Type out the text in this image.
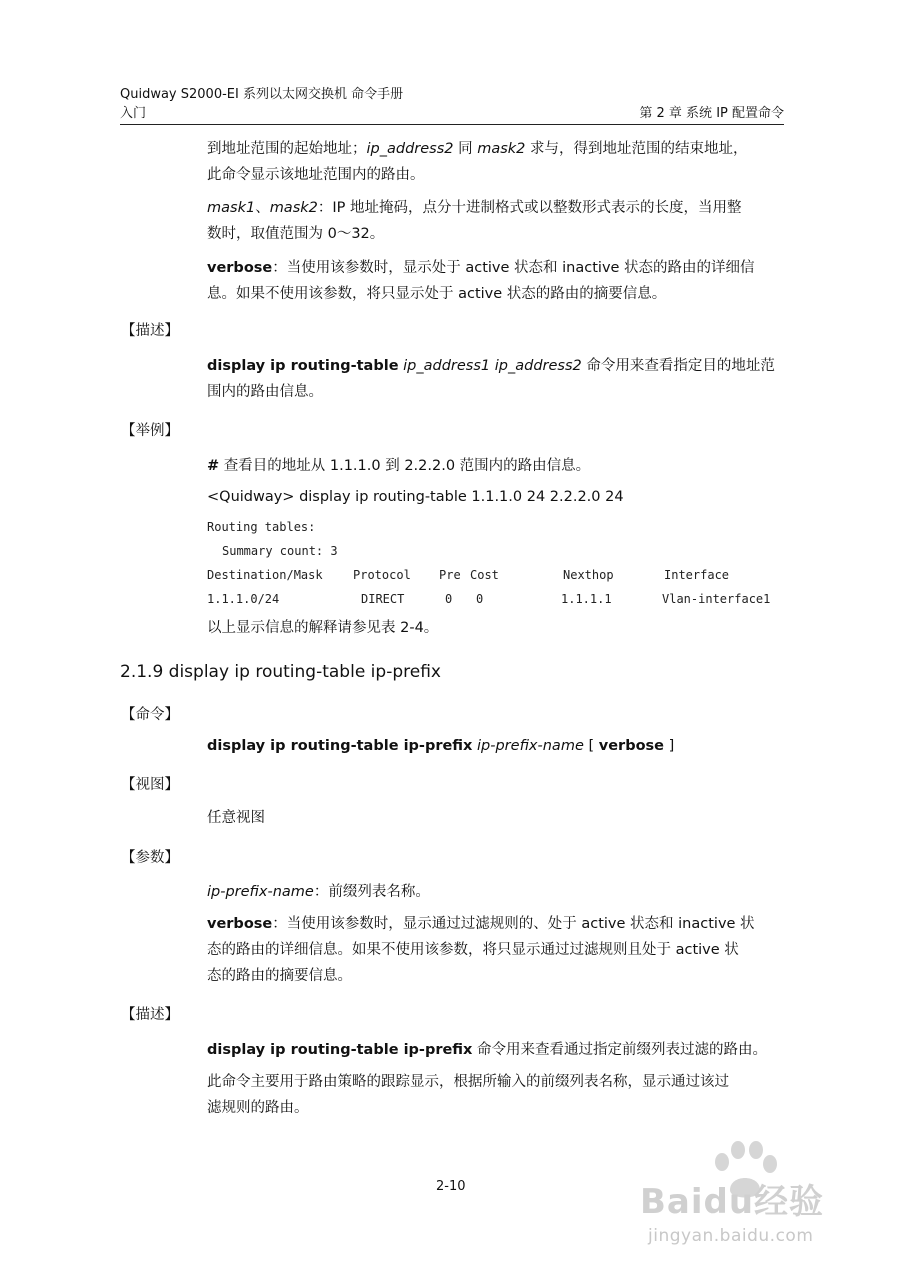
Quidway S2000-EI 系列以太网交换机 命令手册
入门	第 2 章 系统 IP 配置命令
到地址范围的起始地址；ip_address2 同 mask2 求与，得到地址范围的结束地址，
此命令显示该地址范围内的路由。
mask1、mask2：IP 地址掩码，点分十进制格式或以整数形式表示的长度，当用整
数时，取值范围为 0～32。
verbose：当使用该参数时，显示处于 active 状态和 inactive 状态的路由的详细信
息。如果不使用该参数，将只显示处于 active 状态的路由的摘要信息。
【描述】
display ip routing-table ip_address1 ip_address2 命令用来查看指定目的地址范
围内的路由信息。
【举例】
# 查看目的地址从 1.1.1.0 到 2.2.2.0 范围内的路由信息。
<Quidway> display ip routing-table 1.1.1.0 24 2.2.2.0 24
Routing tables:
Summary count: 3
Destination/Mask	Protocol Pre Cost	Nexthop	Interface
1.1.1.0/24	DIRECT	0 0	1.1.1.1	Vlan-interface1
以上显示信息的解释请参见表 2-4。
2.1.9 display ip routing-table ip-prefix
【命令】
display ip routing-table ip-prefix ip-prefix-name [ verbose ]
【视图】
任意视图
【参数】
ip-prefix-name：前缀列表名称。
verbose：当使用该参数时，显示通过过滤规则的、处于 active 状态和 inactive 状
态的路由的详细信息。如果不使用该参数，将只显示通过过滤规则且处于 active 状
态的路由的摘要信息。
【描述】
display ip routing-table ip-prefix 命令用来查看通过指定前缀列表过滤的路由。
此命令主要用于路由策略的跟踪显示，根据所输入的前缀列表名称，显示通过该过
滤规则的路由。
2-10	Baidu经验
jingyan.baidu.com
